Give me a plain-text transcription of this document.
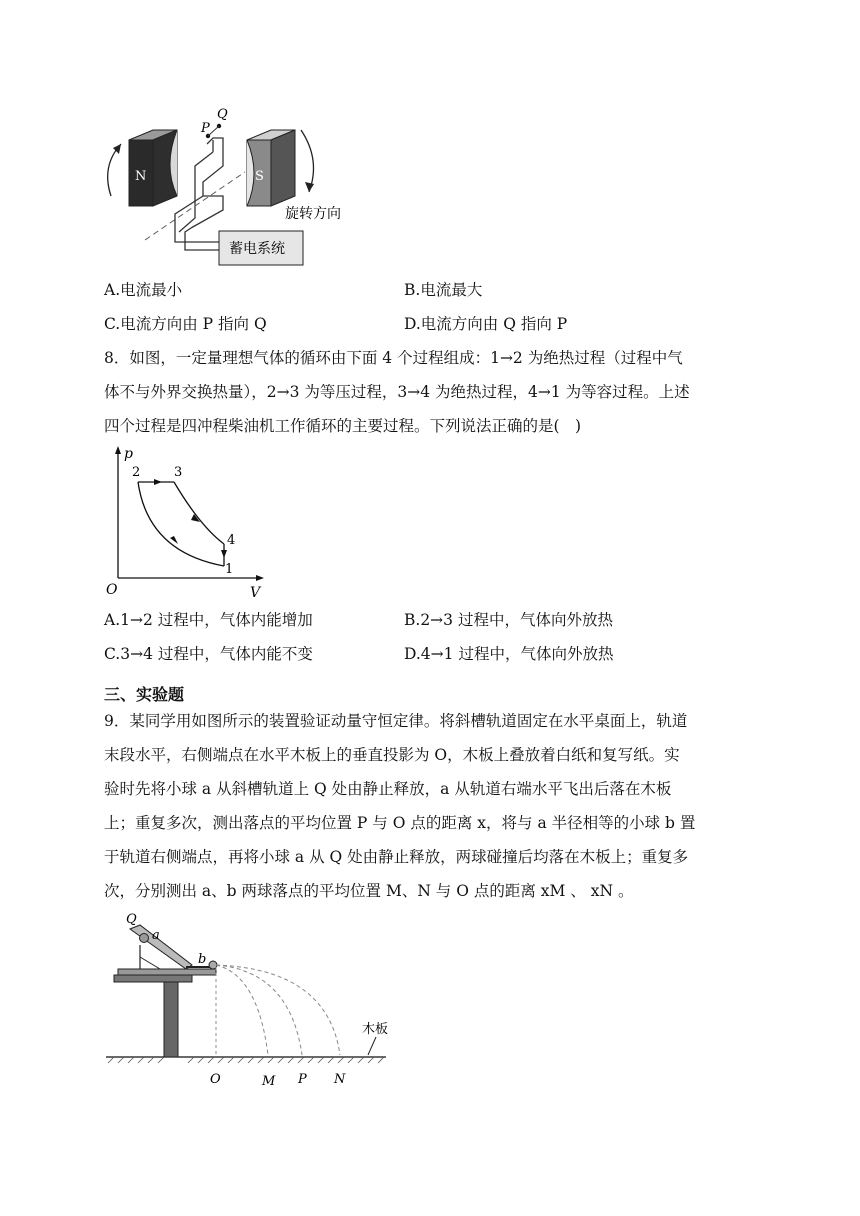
N	S
P
Q
蓄电系统
旋转方向
A.电流最小	B.电流最大
C.电流方向由 P 指向 Q	D.电流方向由 Q 指向 P
8．如图，一定量理想气体的循环由下面 4 个过程组成：1→2 为绝热过程（过程中气
体不与外界交换热量），2→3 为等压过程，3→4 为绝热过程，4→1 为等容过程。上述
四个过程是四冲程柴油机工作循环的主要过程。下列说法正确的是(　)
p
V
O
2	3
4
1
A.1→2 过程中，气体内能增加	B.2→3 过程中，气体向外放热
C.3→4 过程中，气体内能不变	D.4→1 过程中，气体向外放热
三、实验题
9．某同学用如图所示的装置验证动量守恒定律。将斜槽轨道固定在水平桌面上，轨道
末段水平，右侧端点在水平木板上的垂直投影为 O，木板上叠放着白纸和复写纸。实
验时先将小球 a 从斜槽轨道上 Q 处由静止释放，a 从轨道右端水平飞出后落在木板
上；重复多次，测出落点的平均位置 P 与 O 点的距离 x，将与 a 半径相等的小球 b 置
于轨道右侧端点，再将小球 a 从 Q 处由静止释放，两球碰撞后均落在木板上；重复多
次，分别测出 a、b 两球落点的平均位置 M、N 与 O 点的距离 xM 、 xN 。
Q
a
b
木板
O	M P N
